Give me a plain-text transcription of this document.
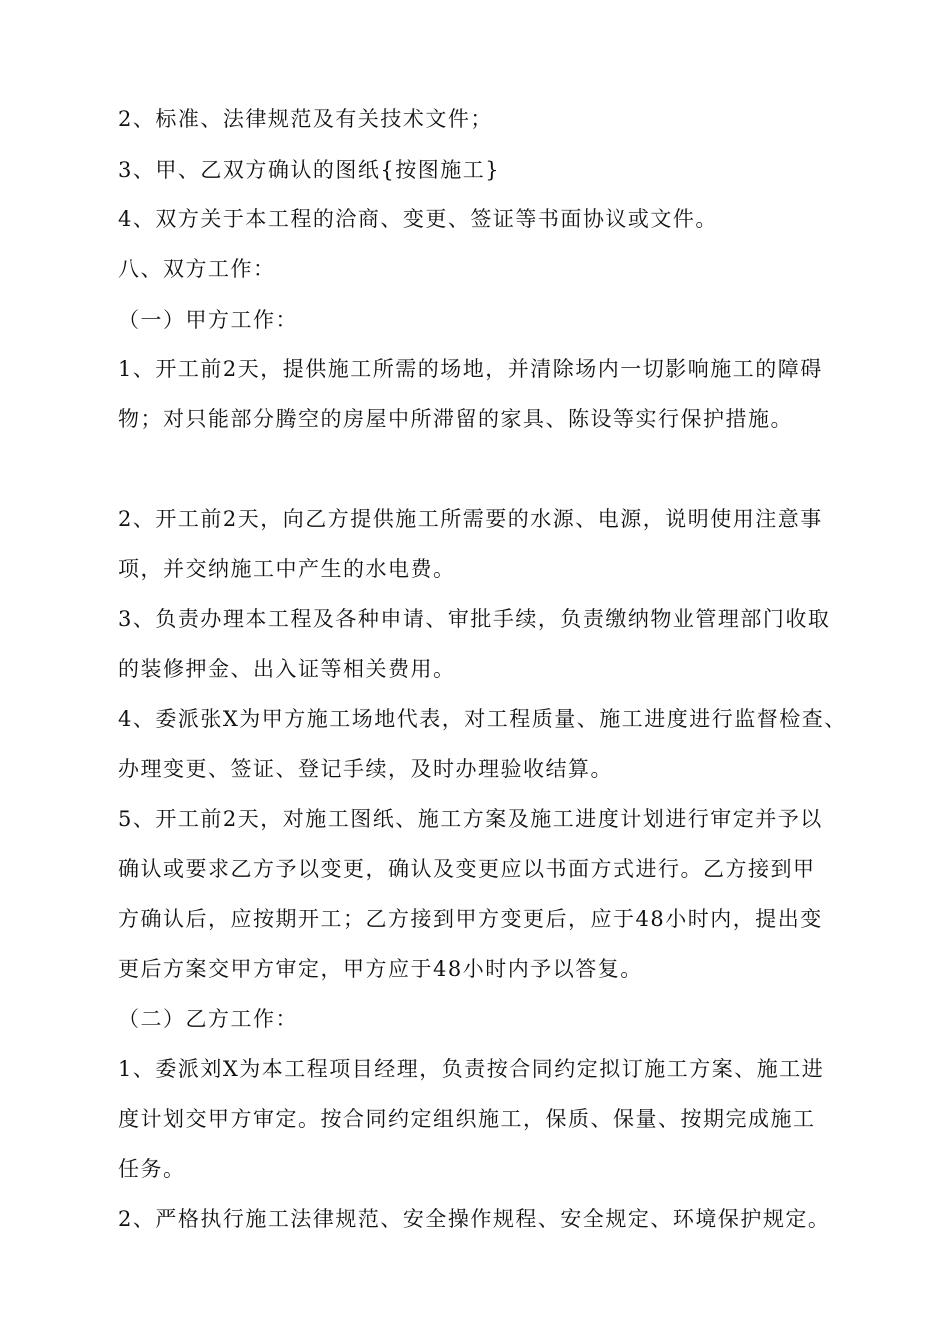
2、标准、法律规范及有关技术文件；
3、甲、乙双方确认的图纸{按图施工}
4、双方关于本工程的洽商、变更、签证等书面协议或文件。
八、双方工作：
（一）甲方工作：
1、开工前2天，提供施工所需的场地，并清除场内一切影响施工的障碍
物；对只能部分腾空的房屋中所滞留的家具、陈设等实行保护措施。
2、开工前2天，向乙方提供施工所需要的水源、电源，说明使用注意事
项，并交纳施工中产生的水电费。
3、负责办理本工程及各种申请、审批手续，负责缴纳物业管理部门收取
的装修押金、出入证等相关费用。
4、委派张X为甲方施工场地代表，对工程质量、施工进度进行监督检查、
办理变更、签证、登记手续，及时办理验收结算。
5、开工前2天，对施工图纸、施工方案及施工进度计划进行审定并予以
确认或要求乙方予以变更，确认及变更应以书面方式进行。乙方接到甲
方确认后，应按期开工；乙方接到甲方变更后，应于48小时内，提出变
更后方案交甲方审定，甲方应于48小时内予以答复。
（二）乙方工作：
1、委派刘X为本工程项目经理，负责按合同约定拟订施工方案、施工进
度计划交甲方审定。按合同约定组织施工，保质、保量、按期完成施工
任务。
2、严格执行施工法律规范、安全操作规程、安全规定、环境保护规定。
